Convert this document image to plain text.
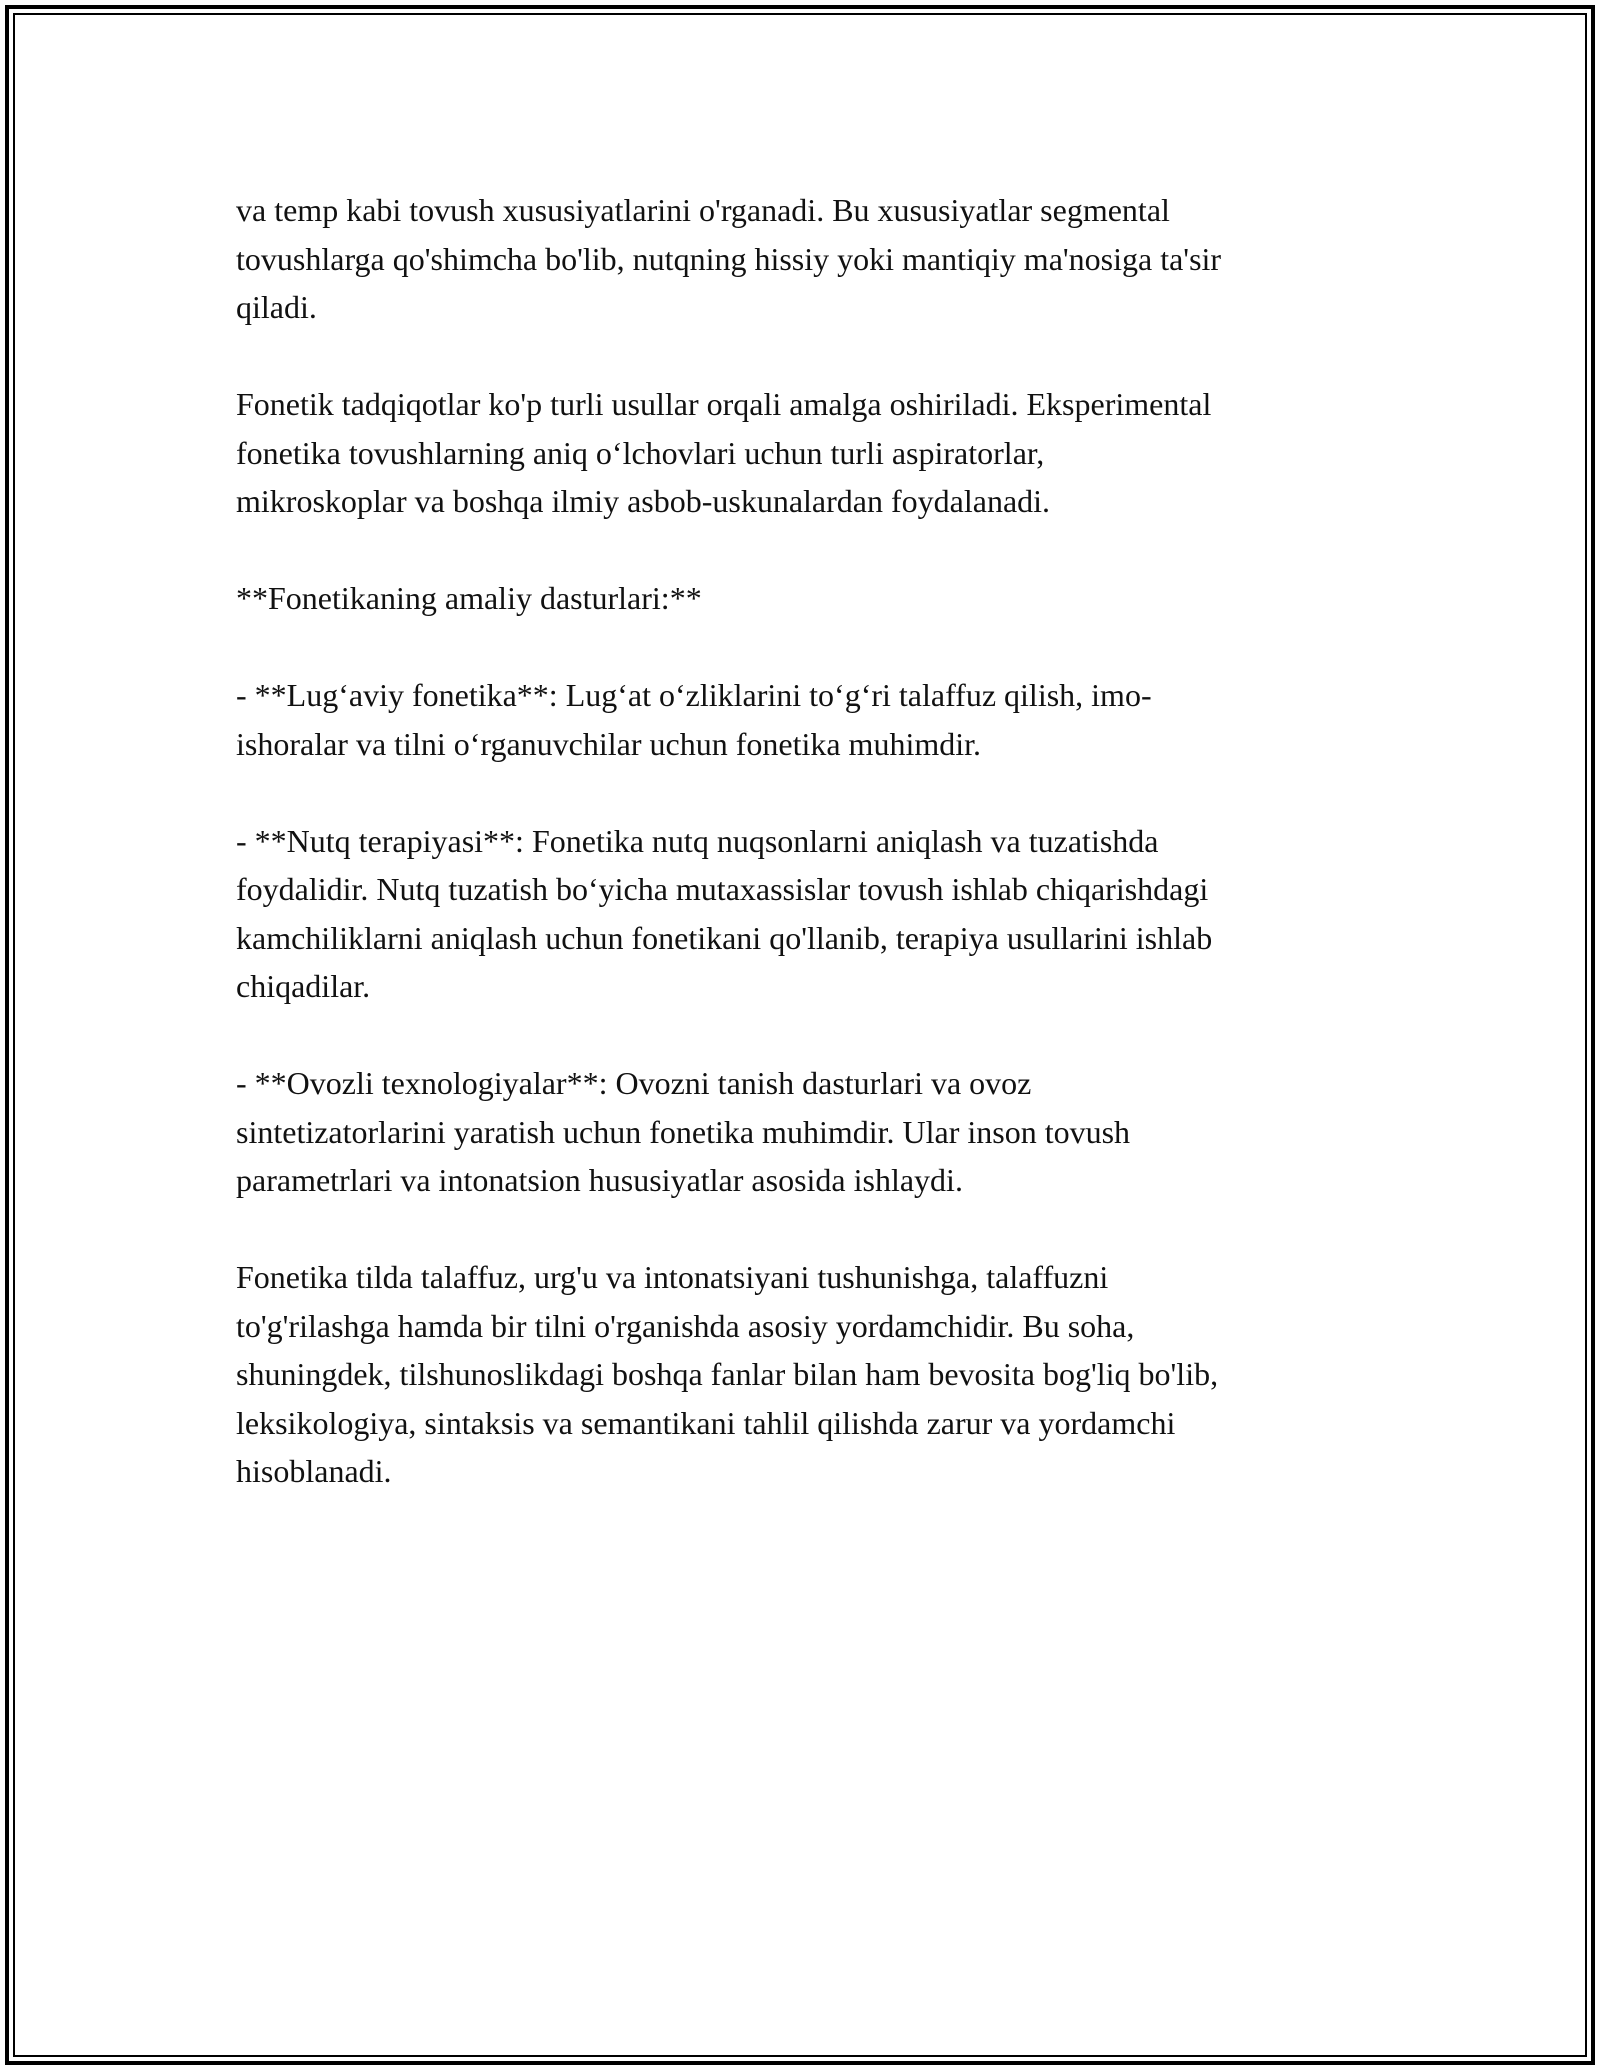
va temp kabi tovush xususiyatlarini o'rganadi. Bu xususiyatlar segmental
tovushlarga qo'shimcha bo'lib, nutqning hissiy yoki mantiqiy ma'nosiga ta'sir
qiladi.

Fonetik tadqiqotlar ko'p turli usullar orqali amalga oshiriladi. Eksperimental
fonetika tovushlarning aniq o‘lchovlari uchun turli aspiratorlar,
mikroskoplar va boshqa ilmiy asbob-uskunalardan foydalanadi.

**Fonetikaning amaliy dasturlari:**

- **Lug‘aviy fonetika**: Lug‘at o‘zliklarini to‘g‘ri talaffuz qilish, imo-
ishoralar va tilni o‘rganuvchilar uchun fonetika muhimdir.

- **Nutq terapiyasi**: Fonetika nutq nuqsonlarni aniqlash va tuzatishda
foydalidir. Nutq tuzatish bo‘yicha mutaxassislar tovush ishlab chiqarishdagi
kamchiliklarni aniqlash uchun fonetikani qo'llanib, terapiya usullarini ishlab
chiqadilar.

- **Ovozli texnologiyalar**: Ovozni tanish dasturlari va ovoz
sintetizatorlarini yaratish uchun fonetika muhimdir. Ular inson tovush
parametrlari va intonatsion hususiyatlar asosida ishlaydi.

Fonetika tilda talaffuz, urg'u va intonatsiyani tushunishga, talaffuzni
to'g'rilashga hamda bir tilni o'rganishda asosiy yordamchidir. Bu soha,
shuningdek, tilshunoslikdagi boshqa fanlar bilan ham bevosita bog'liq bo'lib,
leksikologiya, sintaksis va semantikani tahlil qilishda zarur va yordamchi
hisoblanadi.
